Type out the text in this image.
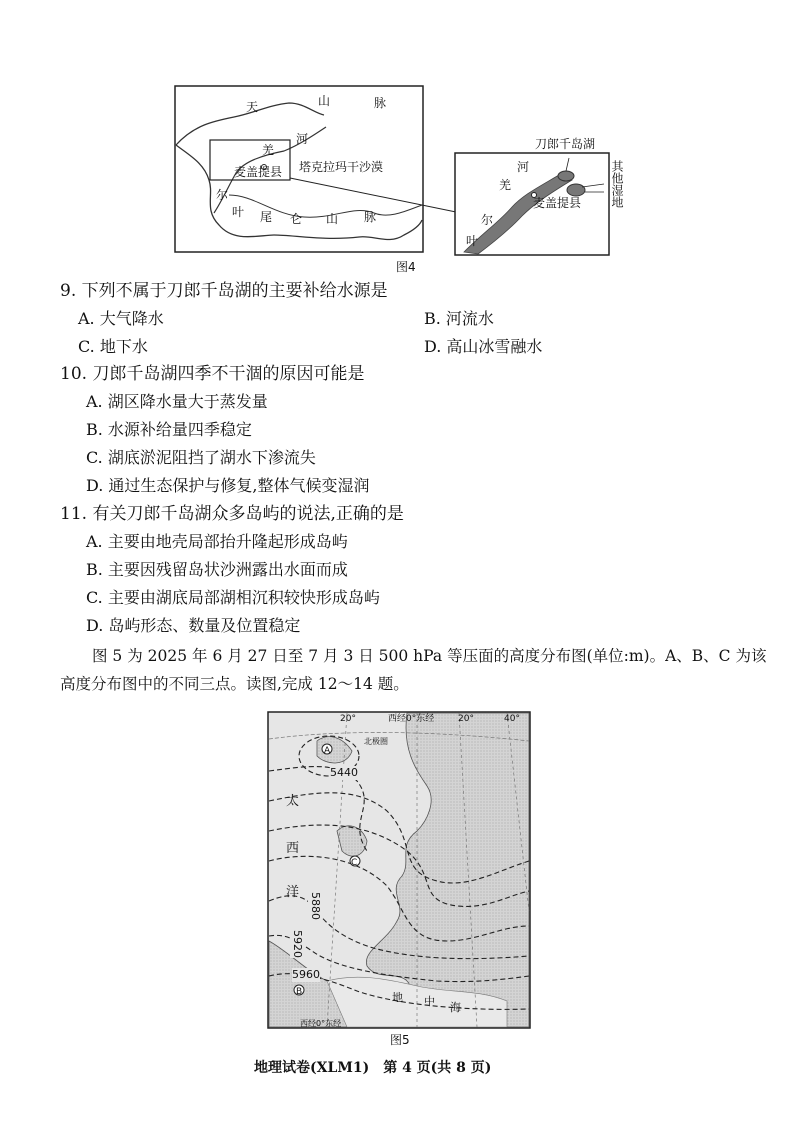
天	山	脉
河
羌
麦盖提县 塔克拉玛干沙漠
尔
叶 尾 仑 山 脉
刀郎千岛湖
河
羌
麦盖提县
尔
叶
其他湿地
图4
9. 下列不属于刀郎千岛湖的主要补给水源是
A. 大气降水	B. 河流水
C. 地下水	D. 高山冰雪融水
10. 刀郎千岛湖四季不干涸的原因可能是
A. 湖区降水量大于蒸发量
B. 水源补给量四季稳定
C. 湖底淤泥阻挡了湖水下渗流失
D. 通过生态保护与修复,整体气候变湿润
11. 有关刀郎千岛湖众多岛屿的说法,正确的是
A. 主要由地壳局部抬升隆起形成岛屿
B. 主要因残留岛状沙洲露出水面而成
C. 主要由湖底局部湖相沉积较快形成岛屿
D. 岛屿形态、数量及位置稳定
图 5 为 2025 年 6 月 27 日至 7 月 3 日 500 hPa 等压面的高度分布图(单位:m)。A、B、C 为该
高度分布图中的不同三点。读图,完成 12～14 题。
20°	西经0°东经	20°	40°
A
C
B
5440
5880
5920
5960
太
西
洋
地 中 海
北极圈
西经0°东经
图5
地理试卷(XLM1)　第 4 页(共 8 页)
